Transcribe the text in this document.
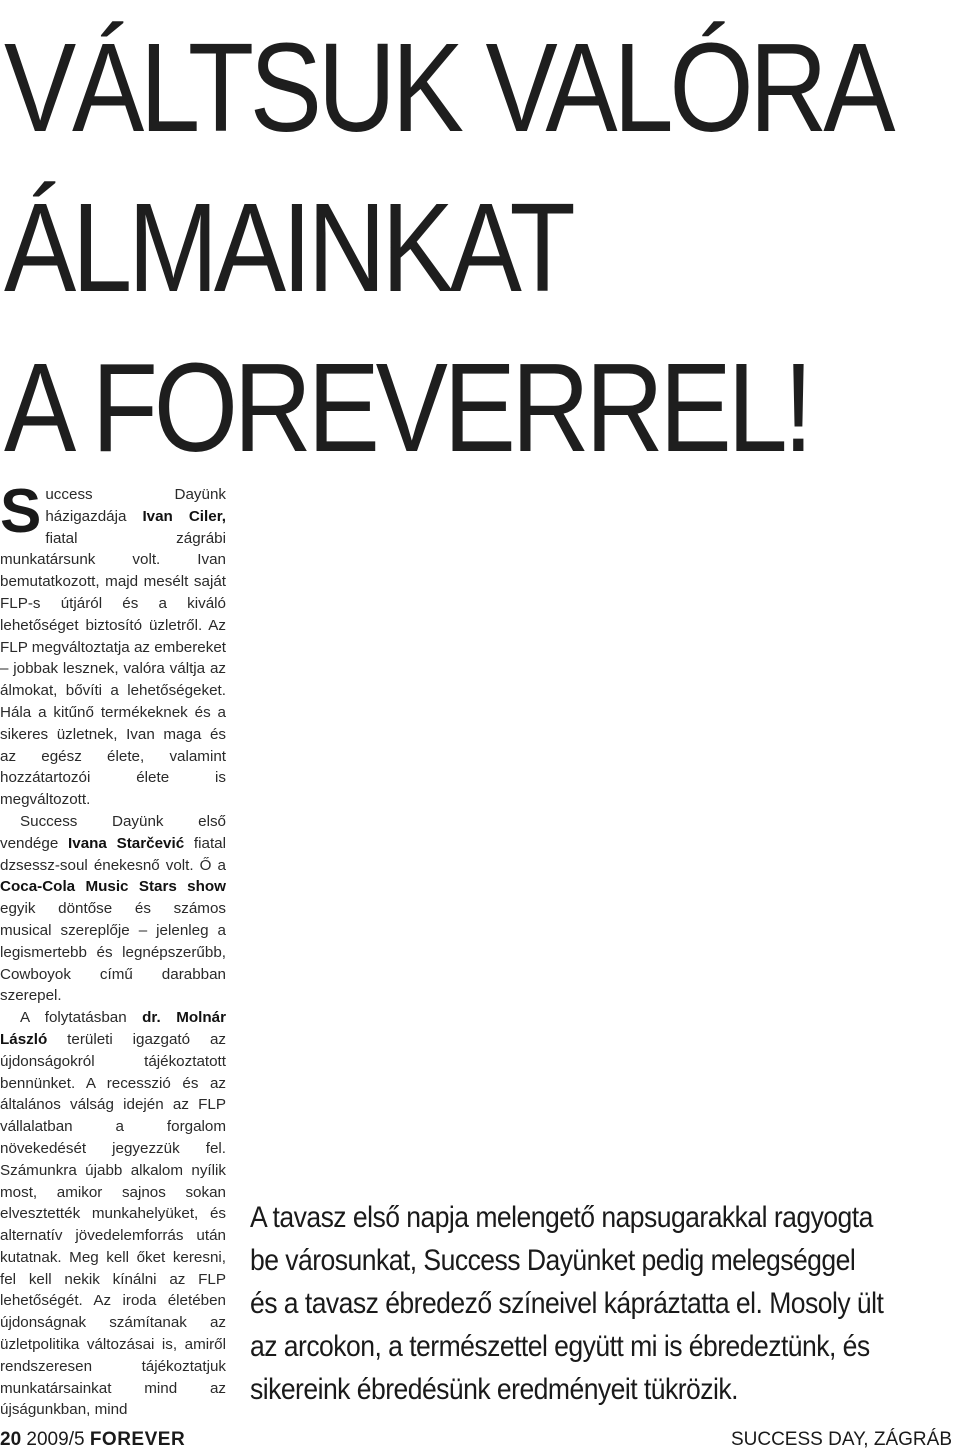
VÁLTSUK VALÓRA
ÁLMAINKAT
A FOREVERREL!

Success Dayünk házigazdája Ivan Ciler, fiatal zágrábi munkatársunk volt. Ivan bemutatkozott, majd mesélt saját FLP-s útjáról és a kiváló lehetőséget biztosító üzletről. Az FLP megváltoztatja az embereket – jobbak lesznek, valóra váltja az álmokat, bővíti a lehetőségeket. Hála a kitűnő termékeknek és a sikeres üzletnek, Ivan maga és az egész élete, valamint hozzátartozói élete is megváltozott.

Success Dayünk első vendége Ivana Starčević fiatal dzsessz-soul énekesnő volt. Ő a Coca-Cola Music Stars show egyik döntőse és számos musical szereplője – jelenleg a legismertebb és legnépszerűbb, Cowboyok című darabban szerepel.

A folytatásban dr. Molnár László területi igazgató az újdonságokról tájékoztatott bennünket. A recesszió és az általános válság idején az FLP vállalatban a forgalom növekedését jegyezzük fel. Számunkra újabb alkalom nyílik most, amikor sajnos sokan elvesztették munkahelyüket, és alternatív jövedelemforrás után kutatnak. Meg kell őket keresni, fel kell nekik kínálni az FLP lehetőségét. Az iroda életében újdonságnak számítanak az üzletpolitika változásai is, amiről rendszeresen tájékoztatjuk munkatársainkat mind az újságunkban, mind

A tavasz első napja melengető napsugarakkal ragyogta be városunkat, Success Dayünket pedig melegséggel és a tavasz ébredező színeivel kápráztatta el. Mosoly ült az arcokon, a természettel együtt mi is ébredeztünk, és sikereink ébredésünk eredményeit tükrözik.
20 2009/5 FOREVER	SUCCESS DAY, ZÁGRÁB
